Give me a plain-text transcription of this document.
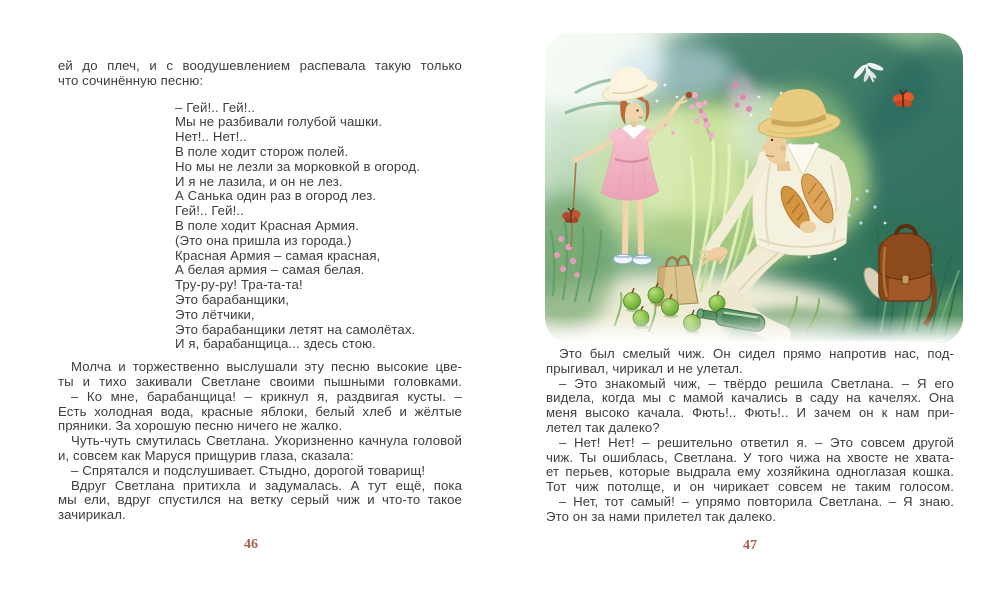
ей до плеч, и с воодушевлением распевала такую только
что сочинённую песню:
– Гей!.. Гей!..
Мы не разбивали голубой чашки.
Нет!.. Нет!..
В поле ходит сторож полей.
Но мы не лезли за морковкой в огород.
И я не лазила, и он не лез.
А Санька один раз в огород лез.
Гей!.. Гей!..
В поле ходит Красная Армия.
(Это она пришла из города.)
Красная Армия – самая красная,
А белая армия – самая белая.
Тру-ру-ру! Тра-та-та!
Это барабанщики,
Это лётчики,
Это барабанщики летят на самолётах.
И я, барабанщица... здесь стою.
Молча и торжественно выслушали эту песню высокие цве-
ты и тихо закивали Светлане своими пышными головками.
– Ко мне, барабанщица! – крикнул я, раздвигая кусты. –
Есть холодная вода, красные яблоки, белый хлеб и жёлтые
пряники. За хорошую песню ничего не жалко.
Чуть-чуть смутилась Светлана. Укоризненно качнула головой
и, совсем как Маруся прищурив глаза, сказала:
– Спрятался и подслушивает. Стыдно, дорогой товарищ!
Вдруг Светлана притихла и задумалась. А тут ещё, пока
мы ели, вдруг спустился на ветку серый чиж и что-то такое
зачирикал.
46
Это был смелый чиж. Он сидел прямо напротив нас, под-
прыгивал, чирикал и не улетал.
– Это знакомый чиж, – твёрдо решила Светлана. – Я его
видела, когда мы с мамой качались в саду на качелях. Она
меня высоко качала. Фють!.. Фють!.. И зачем он к нам при-
летел так далеко?
– Нет! Нет! – решительно ответил я. – Это совсем другой
чиж. Ты ошиблась, Светлана. У того чижа на хвосте не хвата-
ет перьев, которые выдрала ему хозяйкина одноглазая кошка.
Тот чиж потолще, и он чирикает совсем не таким голосом.
– Нет, тот самый! – упрямо повторила Светлана. – Я знаю.
Это он за нами прилетел так далеко.
47
